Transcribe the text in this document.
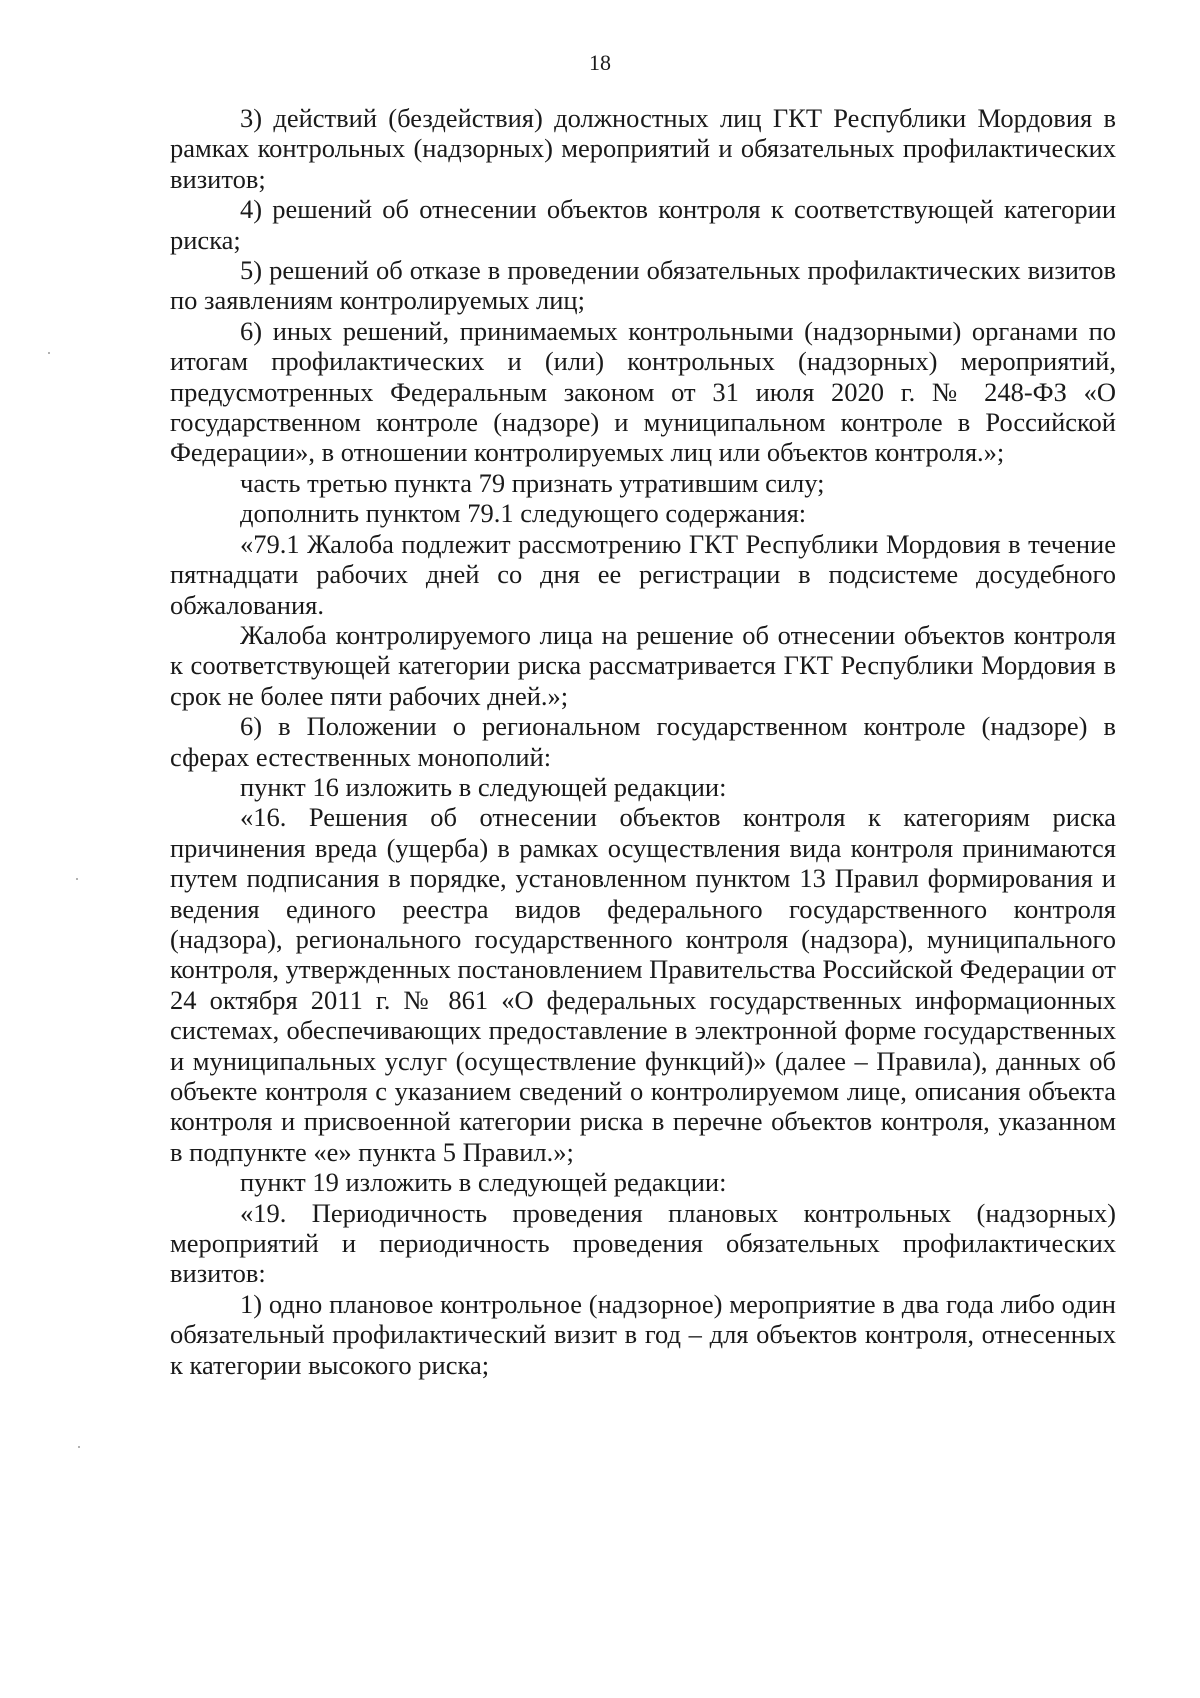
18

3) действий (бездействия) должностных лиц ГКТ Республики Мордовия в рамках контрольных (надзорных) мероприятий и обязательных профилактических визитов;

4) решений об отнесении объектов контроля к соответствующей категории риска;

5) решений об отказе в проведении обязательных профилактических визитов по заявлениям контролируемых лиц;

6) иных решений, принимаемых контрольными (надзорными) органами по итогам профилактических и (или) контрольных (надзорных) мероприятий, предусмотренных Федеральным законом от 31 июля 2020 г. № 248-ФЗ «О государственном контроле (надзоре) и муниципальном контроле в Российской Федерации», в отношении контролируемых лиц или объектов контроля.»;

часть третью пункта 79 признать утратившим силу;

дополнить пунктом 79.1 следующего содержания:

«79.1 Жалоба подлежит рассмотрению ГКТ Республики Мордовия в течение пятнадцати рабочих дней со дня ее регистрации в подсистеме досудебного обжалования.

Жалоба контролируемого лица на решение об отнесении объектов контроля к соответствующей категории риска рассматривается ГКТ Республики Мордовия в срок не более пяти рабочих дней.»;

6) в Положении о региональном государственном контроле (надзоре) в сферах естественных монополий:

пункт 16 изложить в следующей редакции:

«16. Решения об отнесении объектов контроля к категориям риска причинения вреда (ущерба) в рамках осуществления вида контроля принимаются путем подписания в порядке, установленном пунктом 13 Правил формирования и ведения единого реестра видов федерального государственного контроля (надзора), регионального государственного контроля (надзора), муниципального контроля, утвержденных постановлением Правительства Российской Федерации от 24 октября 2011 г. № 861 «О федеральных государственных информационных системах, обеспечивающих предоставление в электронной форме государственных и муниципальных услуг (осуществление функций)» (далее – Правила), данных об объекте контроля с указанием сведений о контролируемом лице, описания объекта контроля и присвоенной категории риска в перечне объектов контроля, указанном в подпункте «е» пункта 5 Правил.»;

пункт 19 изложить в следующей редакции:

«19. Периодичность проведения плановых контрольных (надзорных) мероприятий и периодичность проведения обязательных профилактических визитов:

1) одно плановое контрольное (надзорное) мероприятие в два года либо один обязательный профилактический визит в год – для объектов контроля, отнесенных к категории высокого риска;
